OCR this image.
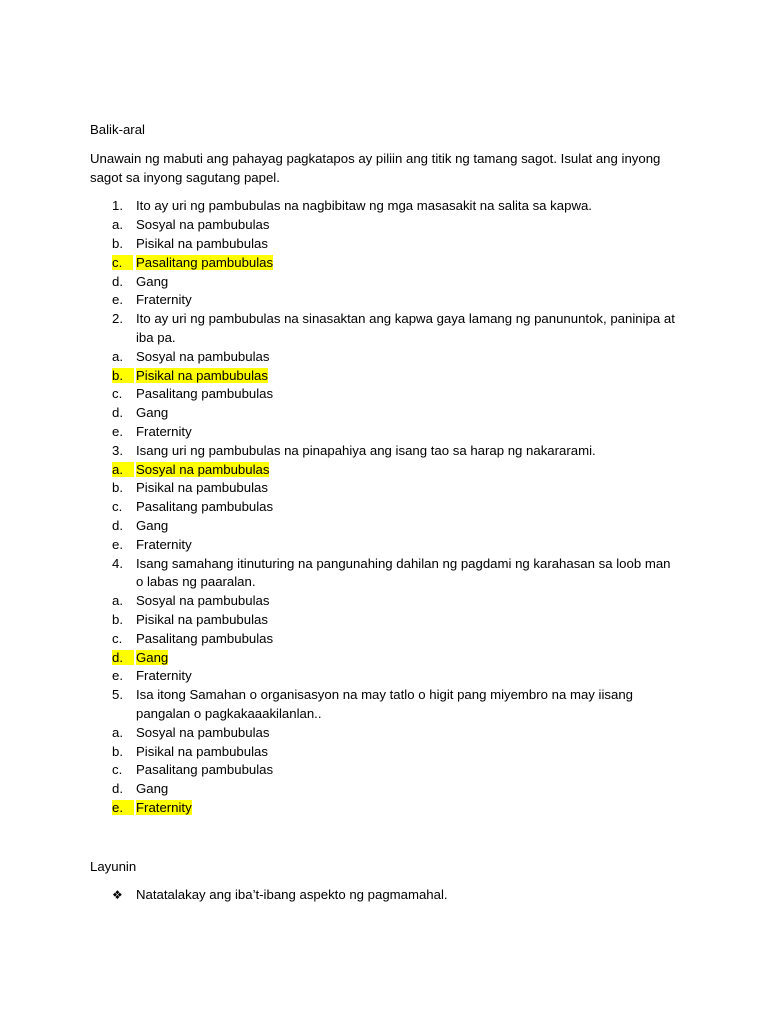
Balik-aral
Unawain ng mabuti ang pahayag pagkatapos ay piliin ang titik ng tamang sagot. Isulat ang inyong sagot sa inyong sagutang papel.
1. Ito ay uri ng pambubulas na nagbibitaw ng mga masasakit na salita sa kapwa.
a. Sosyal na pambubulas
b. Pisikal na pambubulas
c.	Pasalitang pambubulas
d. Gang
e. Fraternity
2. Ito ay uri ng pambubulas na sinasaktan ang kapwa gaya lamang ng panununtok, paninipa at iba pa.
a. Sosyal na pambubulas
b. Pisikal na pambubulas
c.	Pasalitang pambubulas
d. Gang
e. Fraternity
3. Isang uri ng pambubulas na pinapahiya ang isang tao sa harap ng nakararami.
a. Sosyal na pambubulas
b. Pisikal na pambubulas
c.	Pasalitang pambubulas
d. Gang
e. Fraternity
4. Isang samahang itinuturing na pangunahing dahilan ng pagdami ng karahasan sa loob man o labas ng paaralan.
a. Sosyal na pambubulas
b. Pisikal na pambubulas
c.	Pasalitang pambubulas
d. Gang
e. Fraternity
5. Isa itong Samahan o organisasyon na may tatlo o higit pang miyembro na may iisang pangalan o pagkakaaakilanlan..
a. Sosyal na pambubulas
b. Pisikal na pambubulas
c.	Pasalitang pambubulas
d. Gang
e. Fraternity
Layunin
❖	Natatalakay ang iba’t-ibang aspekto ng pagmamahal.
